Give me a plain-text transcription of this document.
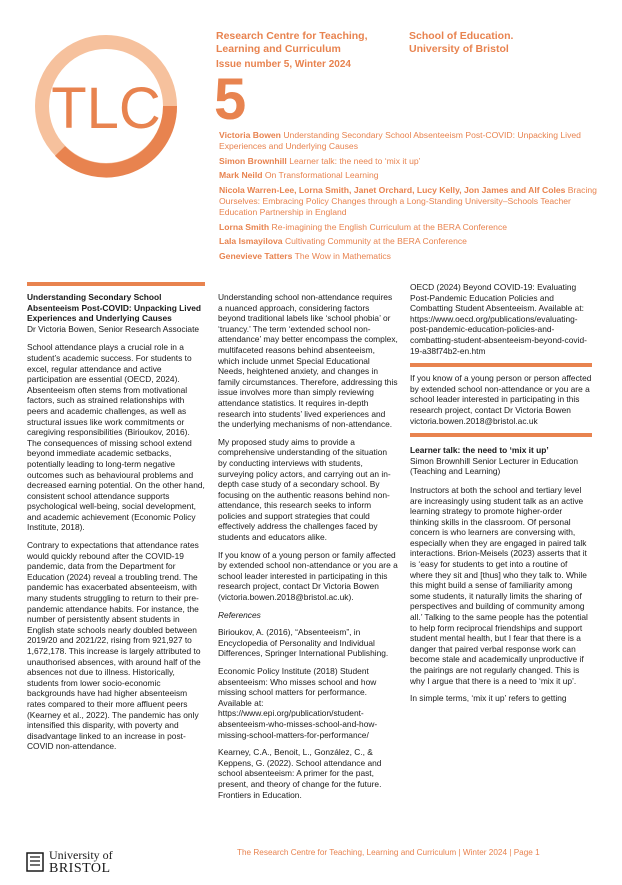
TLC
Research Centre for Teaching,
Learning and Curriculum
School of Education.
University of Bristol
Issue number 5, Winter 2024
5
Victoria Bowen Understanding Secondary School Absenteeism Post-COVID: Unpacking Lived Experiences and Underlying Causes
Simon Brownhill Learner talk: the need to ‘mix it up’
Mark Neild On Transformational Learning
Nicola Warren-Lee, Lorna Smith, Janet Orchard, Lucy Kelly, Jon James and Alf Coles Bracing Ourselves: Embracing Policy Changes through a Long-Standing University–Schools Teacher Education Partnership in England
Lorna Smith Re-imagining the English Curriculum at the BERA Conference
Lala Ismayilova Cultivating Community at the BERA Conference
Genevieve Tatters The Wow in Mathematics

Understanding Secondary School Absenteeism Post-COVID: Unpacking Lived Experiences and Underlying Causes
Dr Victoria Bowen, Senior Research Associate

School attendance plays a crucial role in a student’s academic success. For students to excel, regular attendance and active participation are essential (OECD, 2024). Absenteeism often stems from motivational factors, such as strained relationships with peers and academic challenges, as well as structural issues like work commitments or caregiving responsibilities (Birioukov, 2016). The consequences of missing school extend beyond immediate academic setbacks, potentially leading to long-term negative outcomes such as behavioural problems and decreased earning potential. On the other hand, consistent school attendance supports psychological well-being, social development, and academic achievement (Economic Policy Institute, 2018).

Contrary to expectations that attendance rates would quickly rebound after the COVID-19 pandemic, data from the Department for Education (2024) reveal a troubling trend. The pandemic has exacerbated absenteeism, with many students struggling to return to their pre-pandemic attendance habits. For instance, the number of persistently absent students in English state schools nearly doubled between 2019/20 and 2021/22, rising from 921,927 to 1,672,178. This increase is largely attributed to unauthorised absences, with around half of the absences not due to illness. Historically, students from lower socio-economic backgrounds have had higher absenteeism rates compared to their more affluent peers (Kearney et al., 2022). The pandemic has only intensified this disparity, with poverty and disadvantage linked to an increase in post-COVID non-attendance.

Understanding school non-attendance requires a nuanced approach, considering factors beyond traditional labels like ‘school phobia’ or ‘truancy.’ The term ‘extended school non-attendance’ may better encompass the complex, multifaceted reasons behind absenteeism, which include unmet Special Educational Needs, heightened anxiety, and changes in family circumstances. Therefore, addressing this issue involves more than simply reviewing attendance statistics. It requires in-depth research into students’ lived experiences and the underlying mechanisms of non-attendance.

My proposed study aims to provide a comprehensive understanding of the situation by conducting interviews with students, surveying policy actors, and carrying out an in-depth case study of a secondary school. By focusing on the authentic reasons behind non-attendance, this research seeks to inform policies and support strategies that could effectively address the challenges faced by students and educators alike.

If you know of a young person or family affected by extended school non-attendance or you are a school leader interested in participating in this research project, contact Dr Victoria Bowen (victoria.bowen.2018@bristol.ac.uk).

References

Birioukov, A. (2016), “Absenteeism”, in Encyclopedia of Personality and Individual Differences, Springer International Publishing.

Economic Policy Institute (2018) Student absenteeism: Who misses school and how missing school matters for performance. Available at: https://www.epi.org/publication/student-absenteeism-who-misses-school-and-how-missing-school-matters-for-performance/

Kearney, C.A., Benoit, L., González, C., & Keppens, G. (2022). School attendance and school absenteeism: A primer for the past, present, and theory of change for the future. Frontiers in Education.

OECD (2024) Beyond COVID-19: Evaluating Post-Pandemic Education Policies and Combatting Student Absenteeism. Available at: https://www.oecd.org/publications/evaluating-post-pandemic-education-policies-and-combatting-student-absenteeism-beyond-covid-19-a38f74b2-en.htm

If you know of a young person or person affected by extended school non-attendance or you are a school leader interested in participating in this research project, contact Dr Victoria Bowen victoria.bowen.2018@bristol.ac.uk

Learner talk: the need to ‘mix it up’
Simon Brownhill Senior Lecturer in Education (Teaching and Learning)

Instructors at both the school and tertiary level are increasingly using student talk as an active learning strategy to promote higher-order thinking skills in the classroom. Of personal concern is who learners are conversing with, especially when they are engaged in paired talk interactions. Brion-Meisels (2023) asserts that it is ‘easy for students to get into a routine of where they sit and [thus] who they talk to. While this might build a sense of familiarity among some students, it naturally limits the sharing of perspectives and building of community among all.’ Talking to the same people has the potential to help form reciprocal friendships and support student mental health, but I fear that there is a danger that paired verbal response work can become stale and academically unproductive if the pairings are not regularly changed. This is why I argue that there is a need to ‘mix it up’.

In simple terms, ‘mix it up’ refers to getting

University of
BRISTOL
The Research Centre for Teaching, Learning and Curriculum | Winter 2024 | Page 1
